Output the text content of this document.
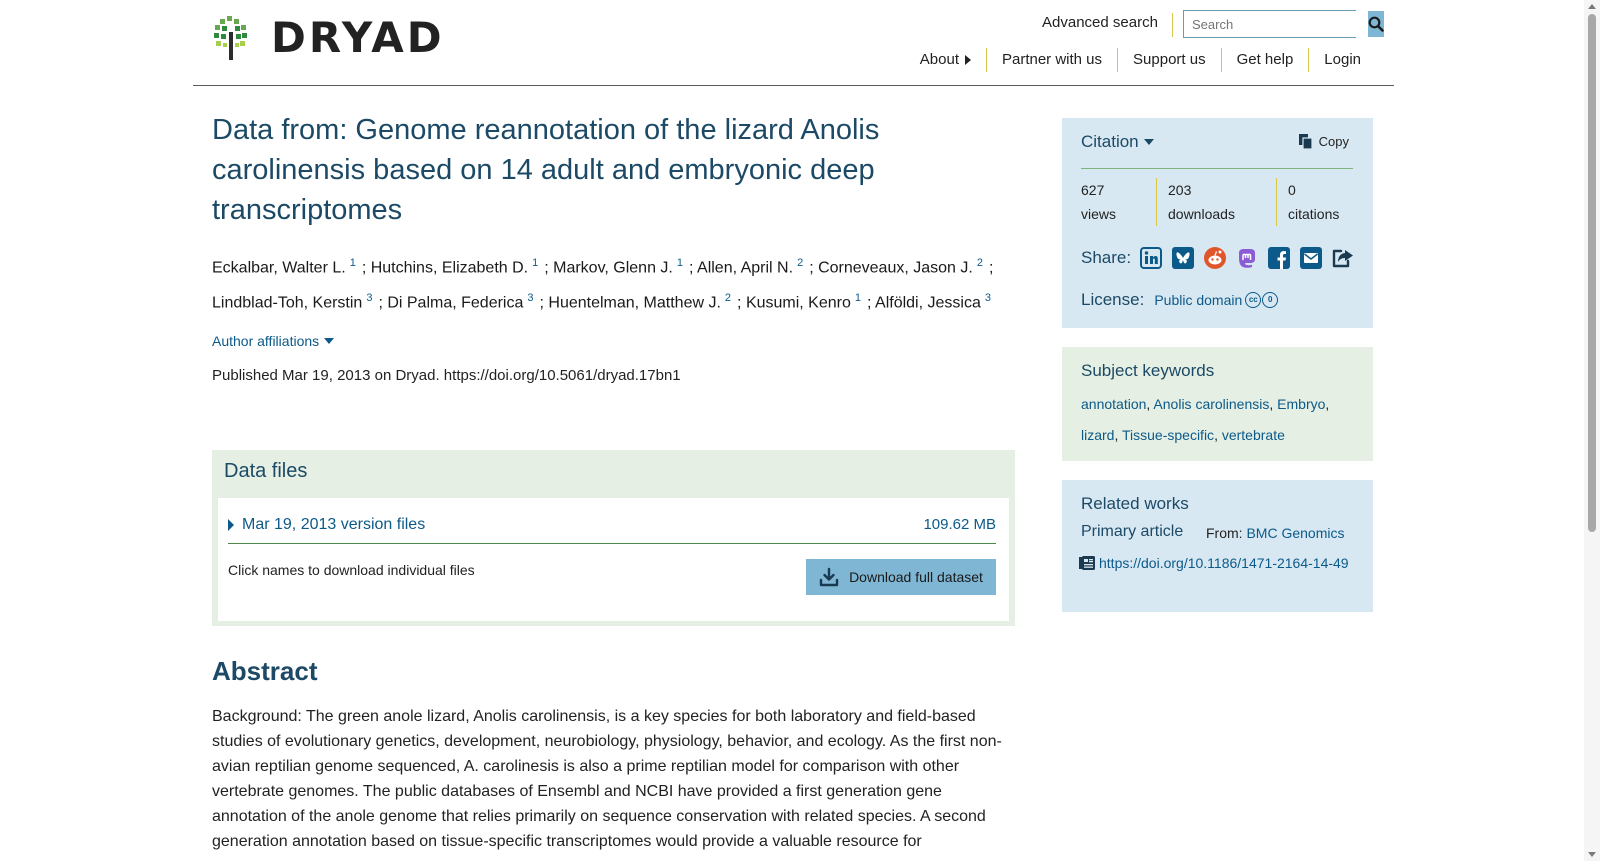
DRYAD	Advanced search
Search
About	Partner with us	Support us	Get help	Login
Data from: Genome reannotation of the lizard Anolis carolinensis based on 14 adult and embryonic deep transcriptomes
Eckalbar, Walter L. $^1$ ; Hutchins, Elizabeth D. $^1$ ; Markov, Glenn J. $^1$ ; Allen, April N. $^2$ ; Corneveaux, Jason J. $^2$ ; Lindblad-Toh, Kerstin $^3$ ; Di Palma, Federica $^3$ ; Huentelman, Matthew J. $^2$ ; Kusumi, Kenro $^1$ ; Alföldi, Jessica $^3$
Author affiliations
Published Mar 19, 2013 on Dryad. https://doi.org/10.5061/dryad.17bn1
Data files
Mar 19, 2013 version files	109.62 MB
Click names to download individual files	Download full dataset
Abstract

Background: The green anole lizard, Anolis carolinensis, is a key species for both laboratory and field-based studies of evolutionary genetics, development, neurobiology, physiology, behavior, and ecology. As the first non-avian reptilian genome sequenced, A. carolinesis is also a prime reptilian model for comparison with other vertebrate genomes. The public databases of Ensembl and NCBI have provided a first generation gene annotation of the anole genome that relies primarily on sequence conservation with related species. A second generation annotation based on tissue-specific transcriptomes would provide a valuable resource for

Citation	Copy
627
views
203
downloads
0
citations
Share:
License: Public domain cc	0
Subject keywords
annotation, Anolis carolinensis, Embryo, lizard, Tissue-specific, vertebrate
Related works
Primary article From: BMC Genomics
https://doi.org/10.1186/1471-2164-14-49
